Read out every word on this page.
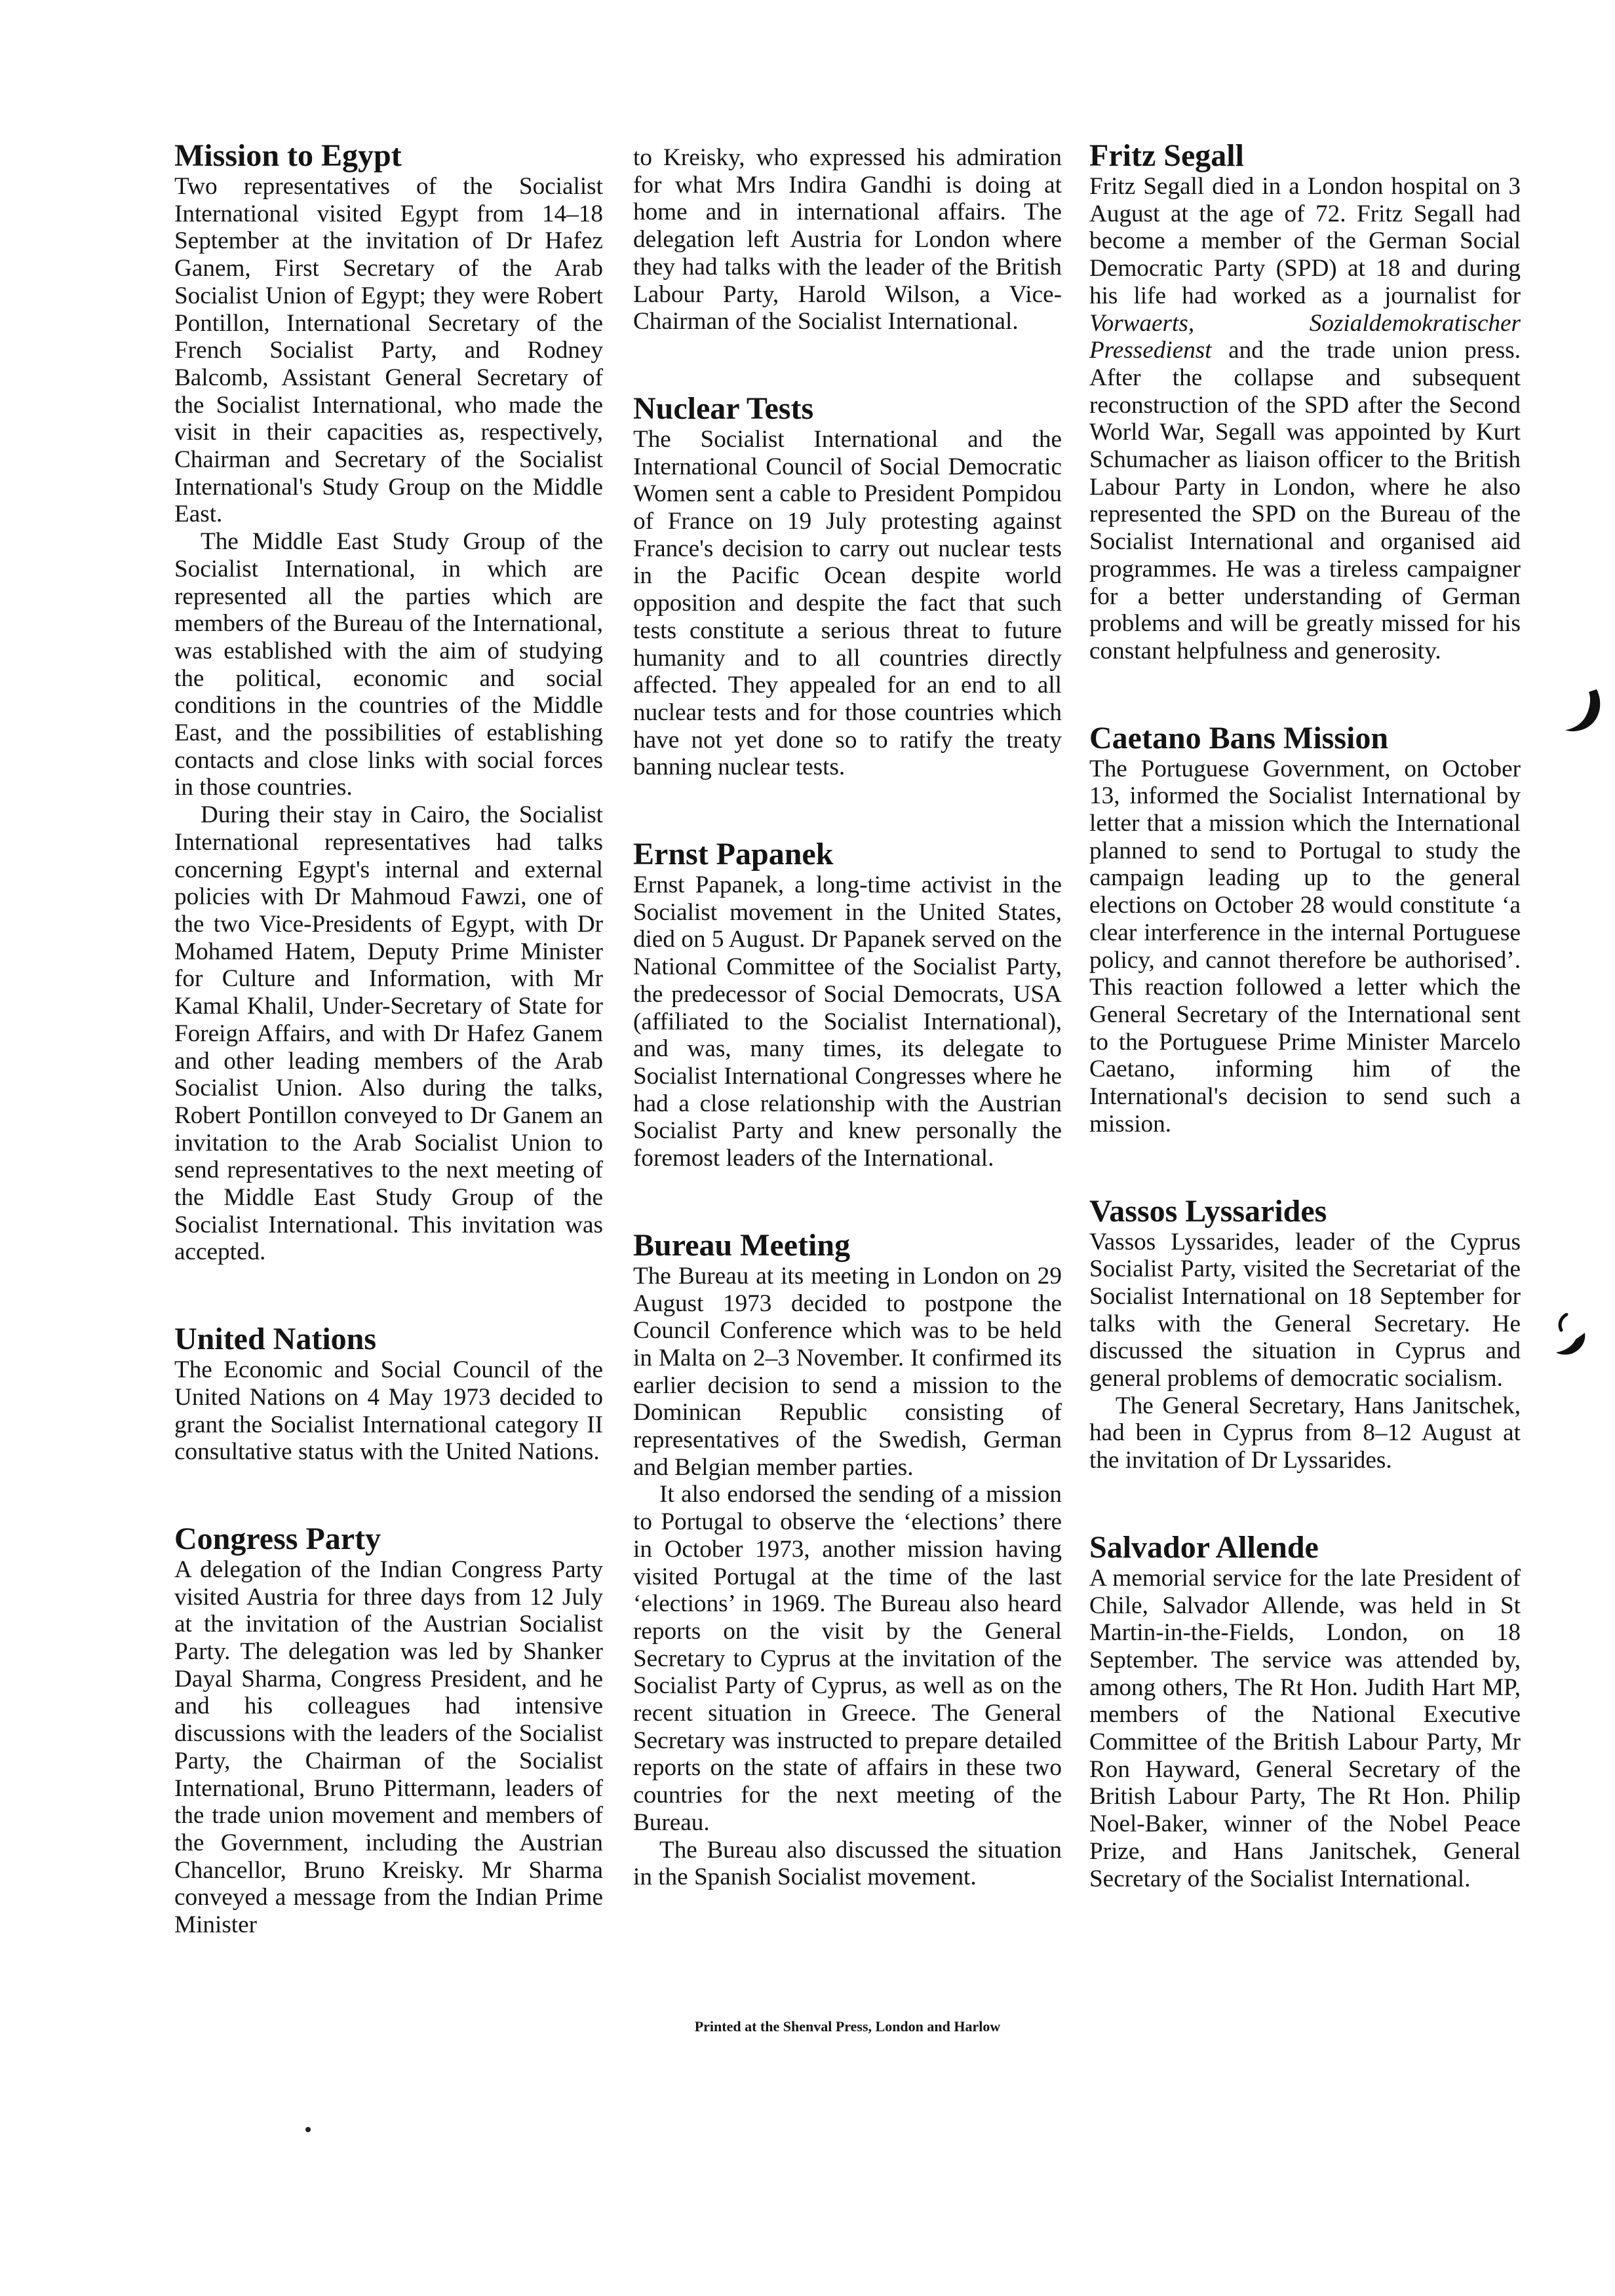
Mission to Egypt

Two representatives of the Socialist International visited Egypt from 14–18 September at the invitation of Dr Hafez Ganem, First Secretary of the Arab Socialist Union of Egypt; they were Robert Pontillon, International Secretary of the French Socialist Party, and Rodney Balcomb, Assistant General Secretary of the Socialist International, who made the visit in their capacities as, respectively, Chairman and Secretary of the Socialist International's Study Group on the Middle East.

The Middle East Study Group of the Socialist International, in which are represented all the parties which are members of the Bureau of the International, was established with the aim of studying the political, economic and social conditions in the countries of the Middle East, and the possibilities of establishing contacts and close links with social forces in those countries.

During their stay in Cairo, the Socialist International representatives had talks concerning Egypt's internal and external policies with Dr Mahmoud Fawzi, one of the two Vice-Presidents of Egypt, with Dr Mohamed Hatem, Deputy Prime Minister for Culture and Information, with Mr Kamal Khalil, Under-Secretary of State for Foreign Affairs, and with Dr Hafez Ganem and other leading members of the Arab Socialist Union. Also during the talks, Robert Pontillon conveyed to Dr Ganem an invitation to the Arab Socialist Union to send representatives to the next meeting of the Middle East Study Group of the Socialist International. This invitation was accepted.

United Nations

The Economic and Social Council of the United Nations on 4 May 1973 decided to grant the Socialist International category II consultative status with the United Nations.

Congress Party

A delegation of the Indian Congress Party visited Austria for three days from 12 July at the invitation of the Austrian Socialist Party. The delegation was led by Shanker Dayal Sharma, Congress President, and he and his colleagues had intensive discussions with the leaders of the Socialist Party, the Chairman of the Socialist International, Bruno Pittermann, leaders of the trade union movement and members of the Government, including the Austrian Chancellor, Bruno Kreisky. Mr Sharma conveyed a message from the Indian Prime Minister

to Kreisky, who expressed his admiration for what Mrs Indira Gandhi is doing at home and in international affairs. The delegation left Austria for London where they had talks with the leader of the British Labour Party, Harold Wilson, a Vice-Chairman of the Socialist International.

Nuclear Tests

The Socialist International and the International Council of Social Democratic Women sent a cable to President Pompidou of France on 19 July protesting against France's decision to carry out nuclear tests in the Pacific Ocean despite world opposition and despite the fact that such tests constitute a serious threat to future humanity and to all countries directly affected. They appealed for an end to all nuclear tests and for those countries which have not yet done so to ratify the treaty banning nuclear tests.

Ernst Papanek

Ernst Papanek, a long-time activist in the Socialist movement in the United States, died on 5 August. Dr Papanek served on the National Committee of the Socialist Party, the predecessor of Social Democrats, USA (affiliated to the Socialist International), and was, many times, its delegate to Socialist International Congresses where he had a close relationship with the Austrian Socialist Party and knew personally the foremost leaders of the International.

Bureau Meeting

The Bureau at its meeting in London on 29 August 1973 decided to postpone the Council Conference which was to be held in Malta on 2–3 November. It confirmed its earlier decision to send a mission to the Dominican Republic consisting of representatives of the Swedish, German and Belgian member parties.

It also endorsed the sending of a mission to Portugal to observe the ‘elections’ there in October 1973, another mission having visited Portugal at the time of the last ‘elections’ in 1969. The Bureau also heard reports on the visit by the General Secretary to Cyprus at the invitation of the Socialist Party of Cyprus, as well as on the recent situation in Greece. The General Secretary was instructed to prepare detailed reports on the state of affairs in these two countries for the next meeting of the Bureau.

The Bureau also discussed the situation in the Spanish Socialist movement.

Fritz Segall

Fritz Segall died in a London hospital on 3 August at the age of 72. Fritz Segall had become a member of the German Social Democratic Party (SPD) at 18 and during his life had worked as a journalist for Vorwaerts, Sozialdemokratischer Pressedienst and the trade union press. After the collapse and subsequent reconstruction of the SPD after the Second World War, Segall was appointed by Kurt Schumacher as liaison officer to the British Labour Party in London, where he also represented the SPD on the Bureau of the Socialist International and organised aid programmes. He was a tireless campaigner for a better understanding of German problems and will be greatly missed for his constant helpfulness and generosity.

Caetano Bans Mission

The Portuguese Government, on October 13, informed the Socialist International by letter that a mission which the International planned to send to Portugal to study the campaign leading up to the general elections on October 28 would constitute ‘a clear interference in the internal Portuguese policy, and cannot therefore be authorised’. This reaction followed a letter which the General Secretary of the International sent to the Portuguese Prime Minister Marcelo Caetano, informing him of the International's decision to send such a mission.

Vassos Lyssarides

Vassos Lyssarides, leader of the Cyprus Socialist Party, visited the Secretariat of the Socialist International on 18 September for talks with the General Secretary. He discussed the situation in Cyprus and general problems of democratic socialism.

The General Secretary, Hans Janitschek, had been in Cyprus from 8–12 August at the invitation of Dr Lyssarides.

Salvador Allende

A memorial service for the late President of Chile, Salvador Allende, was held in St Martin-in-the-Fields, London, on 18 September. The service was attended by, among others, The Rt Hon. Judith Hart MP, members of the National Executive Committee of the British Labour Party, Mr Ron Hayward, General Secretary of the British Labour Party, The Rt Hon. Philip Noel-Baker, winner of the Nobel Peace Prize, and Hans Janitschek, General Secretary of the Socialist International.

Printed at the Shenval Press, London and Harlow
